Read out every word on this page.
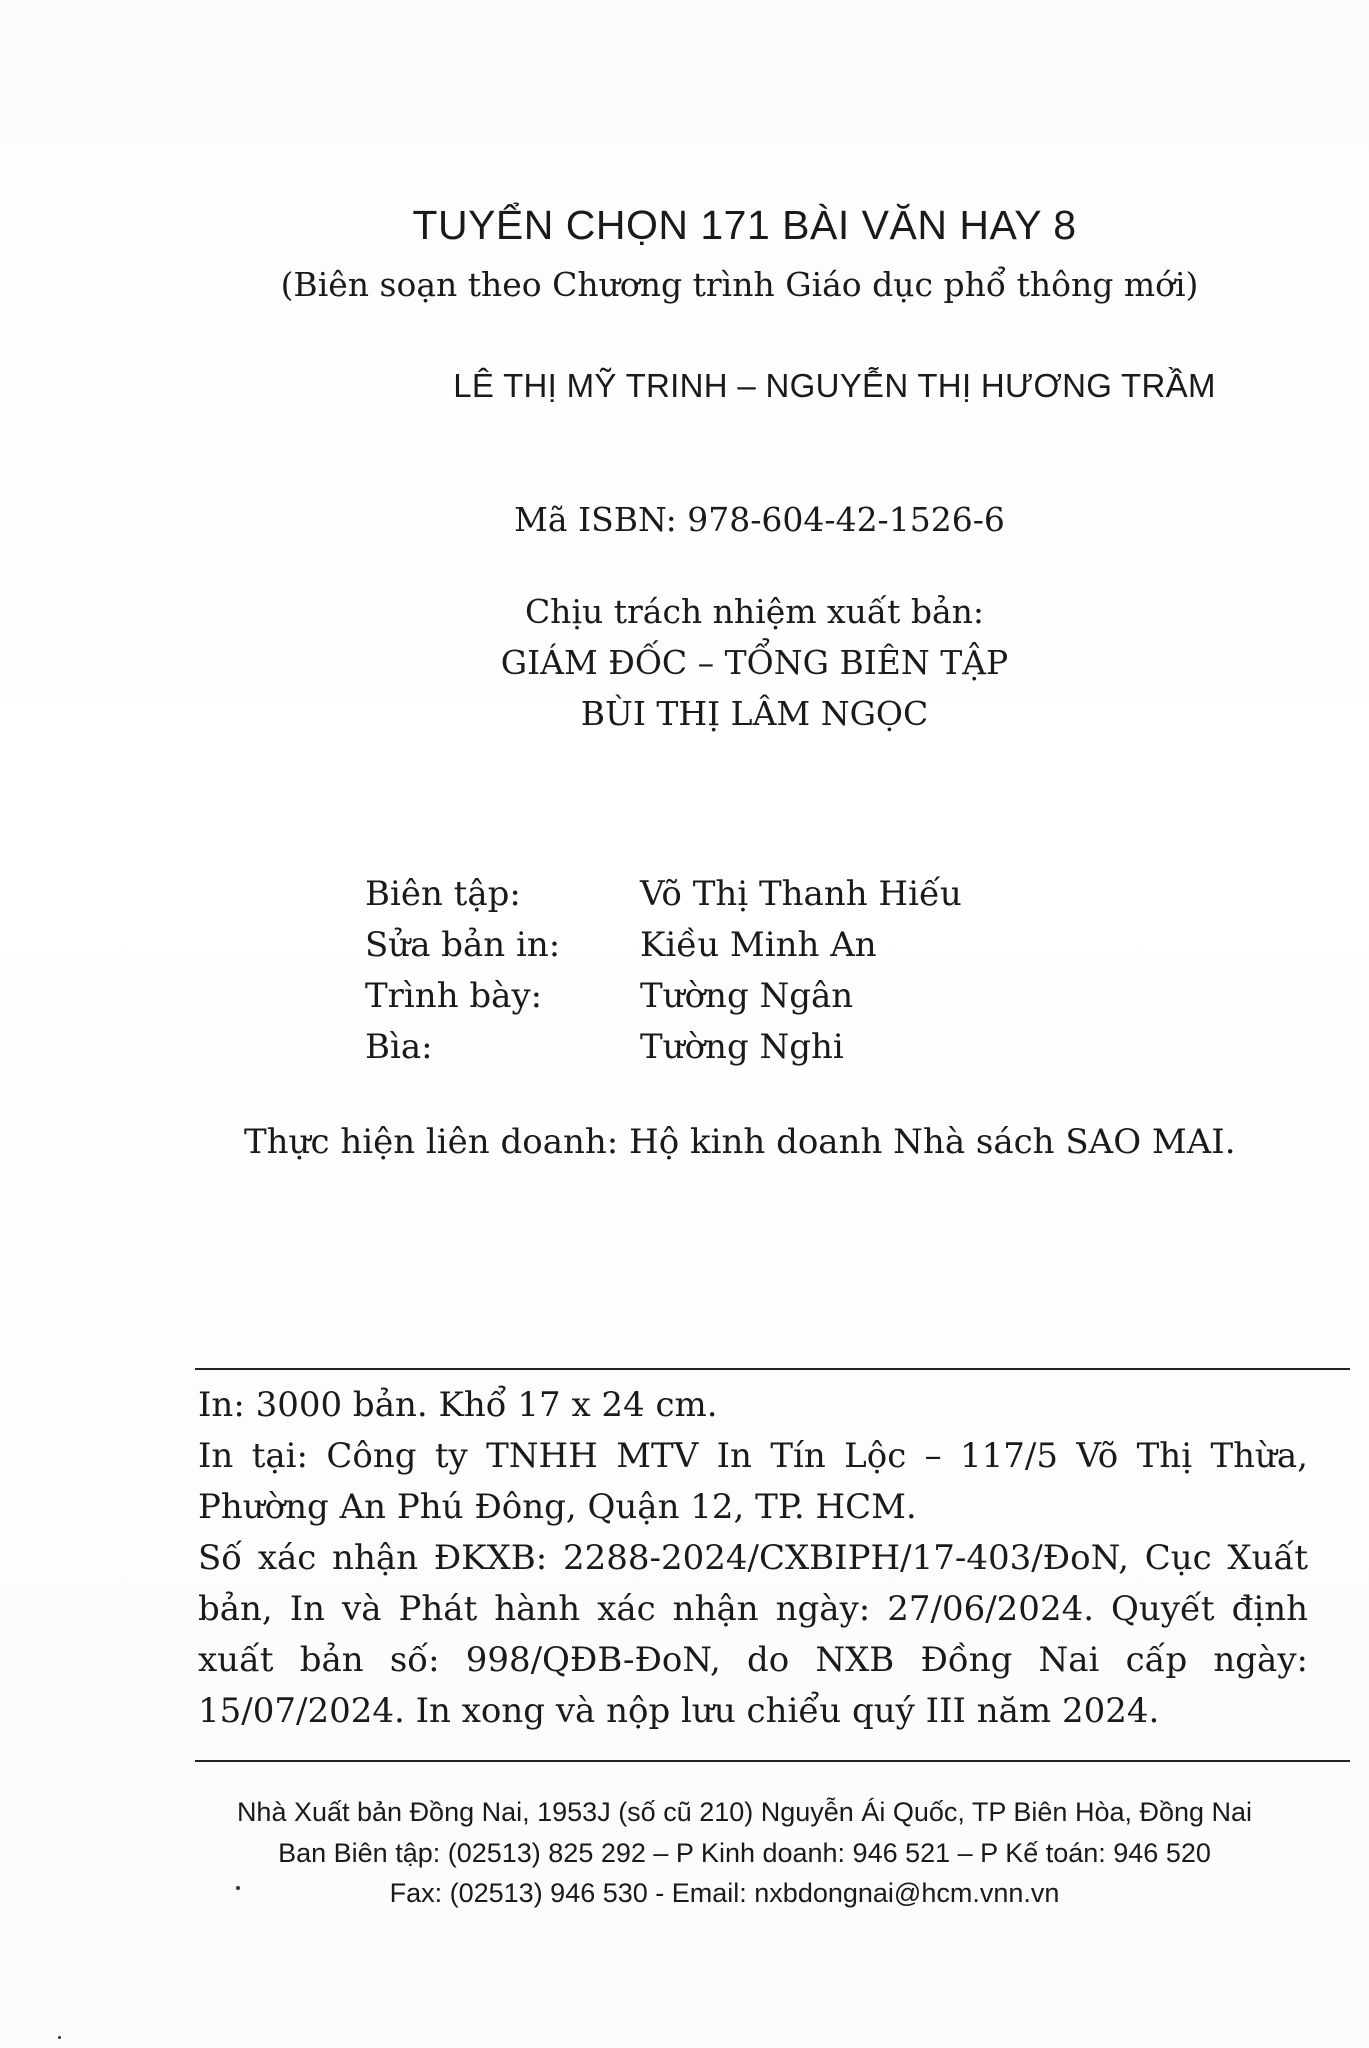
TUYỂN CHỌN 171 BÀI VĂN HAY 8
(Biên soạn theo Chương trình Giáo dục phổ thông mới)
LÊ THỊ MỸ TRINH – NGUYỄN THỊ HƯƠNG TRẦM
Mã ISBN: 978-604-42-1526-6
Chịu trách nhiệm xuất bản:
GIÁM ĐỐC – TỔNG BIÊN TẬP
BÙI THỊ LÂM NGỌC
Biên tập:	Võ Thị Thanh Hiếu
Sửa bản in:	Kiều Minh An
Trình bày:	Tường Ngân
Bìa:	Tường Nghi
Thực hiện liên doanh: Hộ kinh doanh Nhà sách SAO MAI.
In: 3000 bản. Khổ 17 x 24 cm.
In tại: Công ty TNHH MTV In Tín Lộc – 117/5 Võ Thị Thừa,
Phường An Phú Đông, Quận 12, TP. HCM.
Số xác nhận ĐKXB: 2288-2024/CXBIPH/17-403/ĐoN, Cục Xuất
bản, In và Phát hành xác nhận ngày: 27/06/2024. Quyết định
xuất bản số: 998/QĐB-ĐoN, do NXB Đồng Nai cấp ngày:
15/07/2024. In xong và nộp lưu chiểu quý III năm 2024.
Nhà Xuất bản Đồng Nai, 1953J (số cũ 210) Nguyễn Ái Quốc, TP Biên Hòa, Đồng Nai
Ban Biên tập: (02513) 825 292 – P Kinh doanh: 946 521 – P Kế toán: 946 520
Fax: (02513) 946 530 - Email: nxbdongnai@hcm.vnn.vn
